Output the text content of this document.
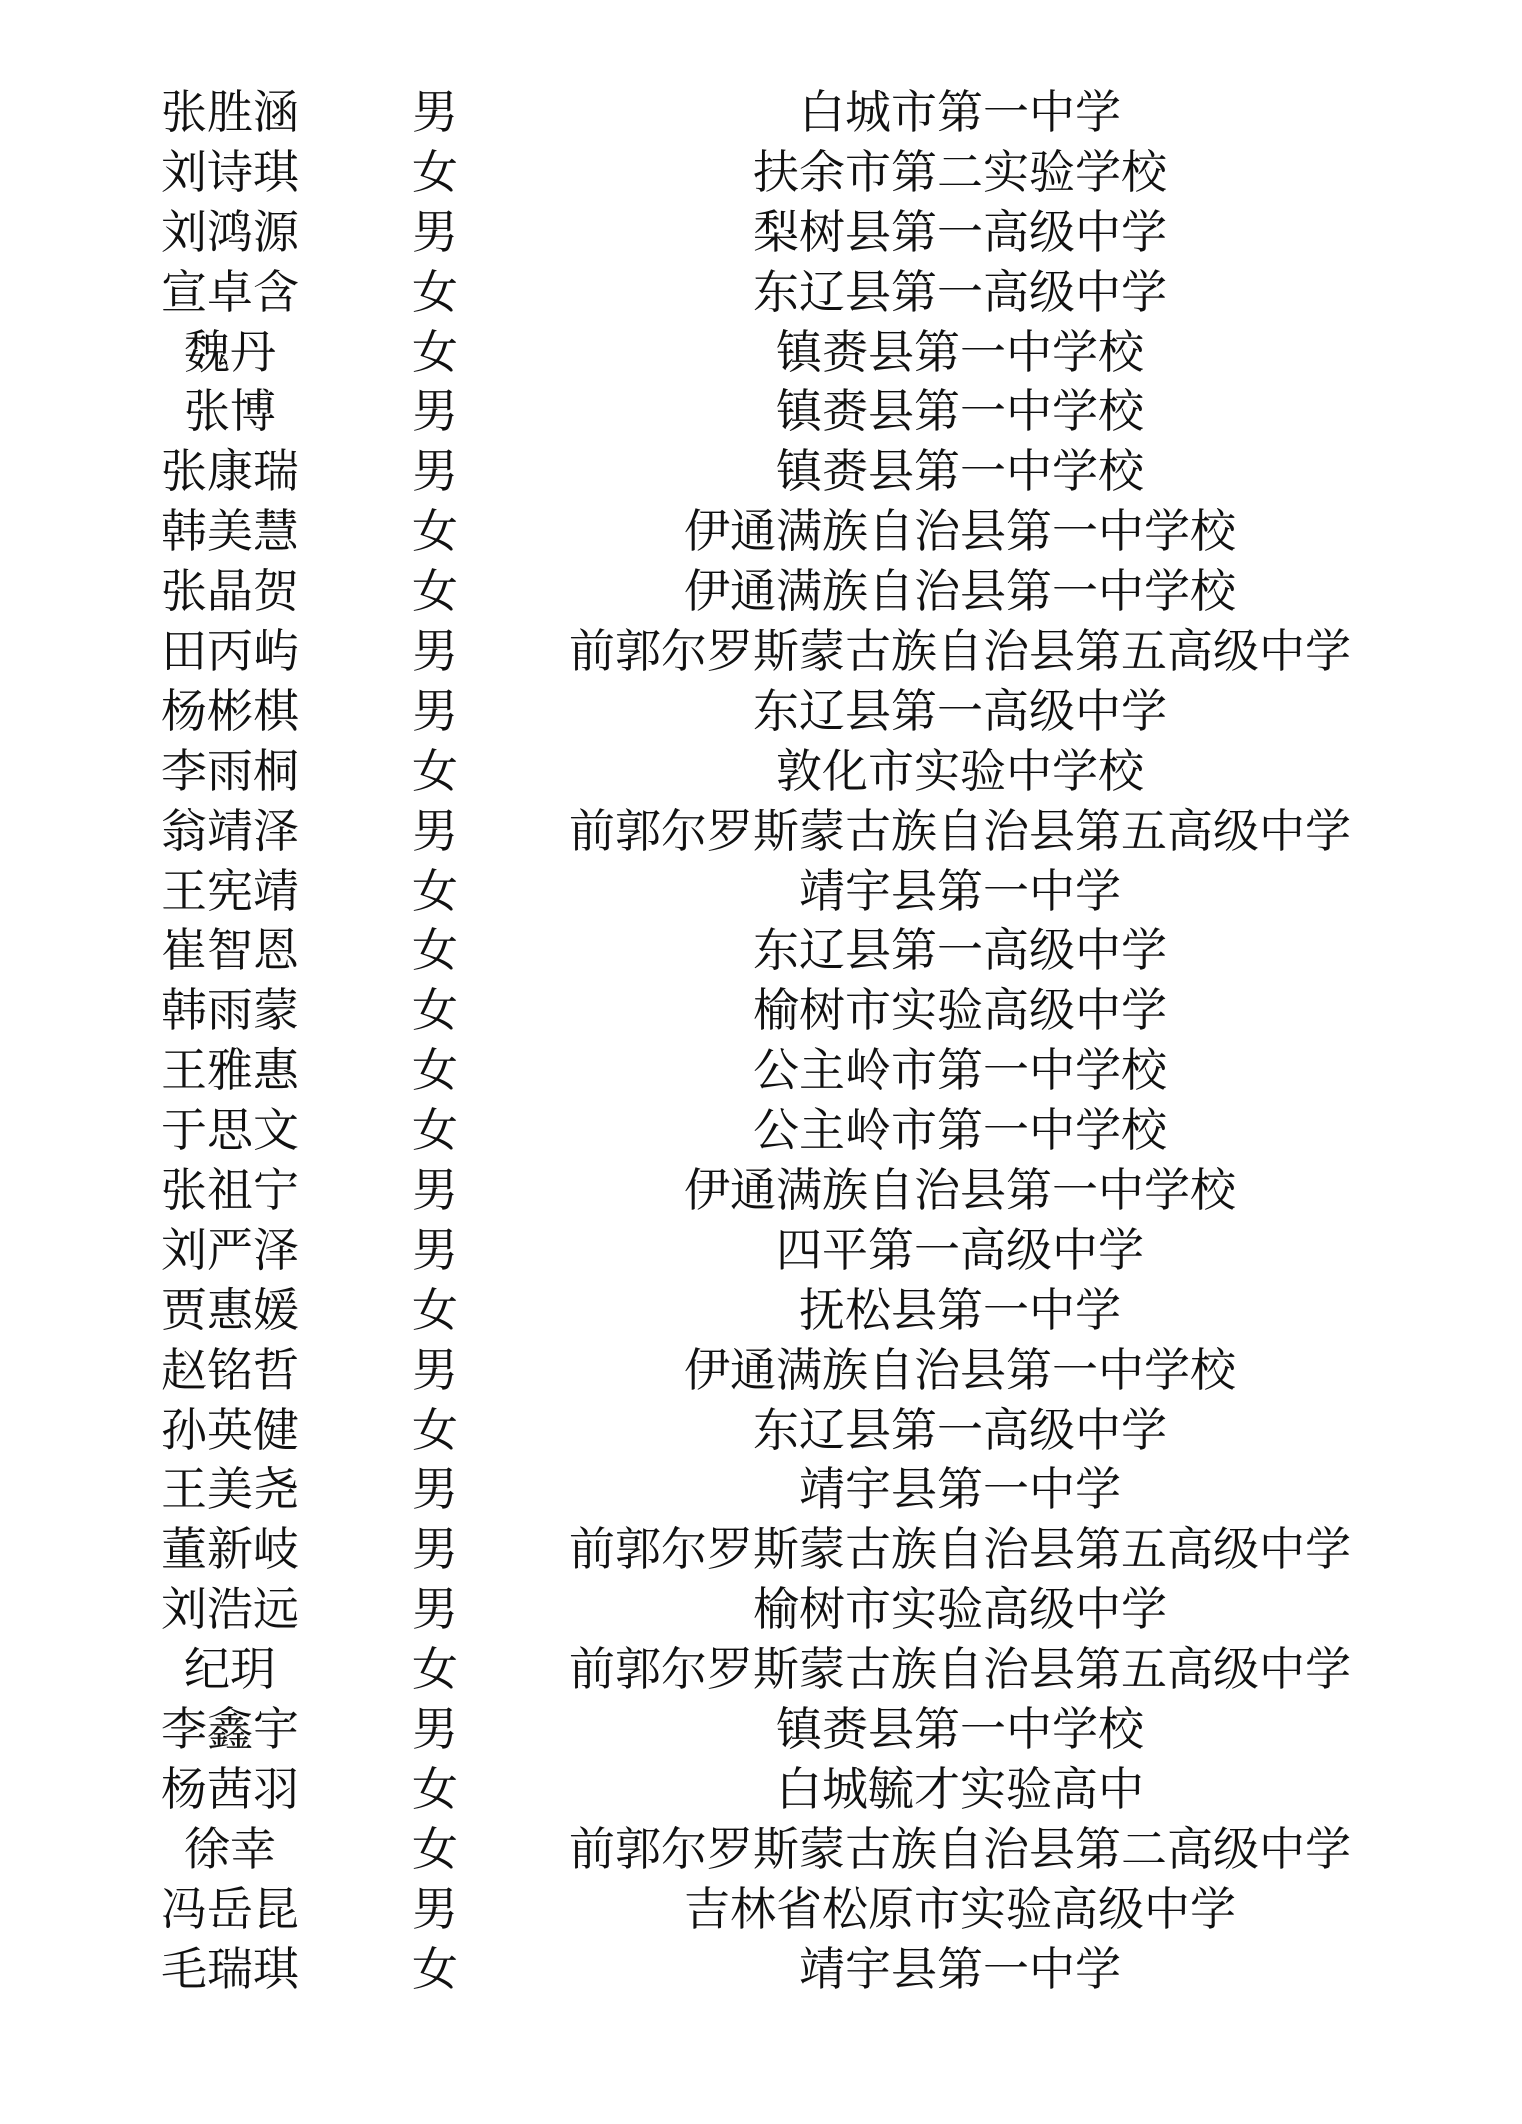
张胜涵	男	白城市第一中学
刘诗琪	女	扶余市第二实验学校
刘鸿源	男	梨树县第一高级中学
宣卓含	女	东辽县第一高级中学
魏丹	女	镇赉县第一中学校
张博	男	镇赉县第一中学校
张康瑞	男	镇赉县第一中学校
韩美慧	女	伊通满族自治县第一中学校
张晶贺	女	伊通满族自治县第一中学校
田丙屿	男	前郭尔罗斯蒙古族自治县第五高级中学
杨彬棋	男	东辽县第一高级中学
李雨桐	女	敦化市实验中学校
翁靖泽	男	前郭尔罗斯蒙古族自治县第五高级中学
王宪靖	女	靖宇县第一中学
崔智恩	女	东辽县第一高级中学
韩雨蒙	女	榆树市实验高级中学
王雅惠	女	公主岭市第一中学校
于思文	女	公主岭市第一中学校
张祖宁	男	伊通满族自治县第一中学校
刘严泽	男	四平第一高级中学
贾惠媛	女	抚松县第一中学
赵铭哲	男	伊通满族自治县第一中学校
孙英健	女	东辽县第一高级中学
王美尧	男	靖宇县第一中学
董新岐	男	前郭尔罗斯蒙古族自治县第五高级中学
刘浩远	男	榆树市实验高级中学
纪玥	女	前郭尔罗斯蒙古族自治县第五高级中学
李鑫宇	男	镇赉县第一中学校
杨茜羽	女	白城毓才实验高中
徐幸	女	前郭尔罗斯蒙古族自治县第二高级中学
冯岳昆	男	吉林省松原市实验高级中学
毛瑞琪	女	靖宇县第一中学
